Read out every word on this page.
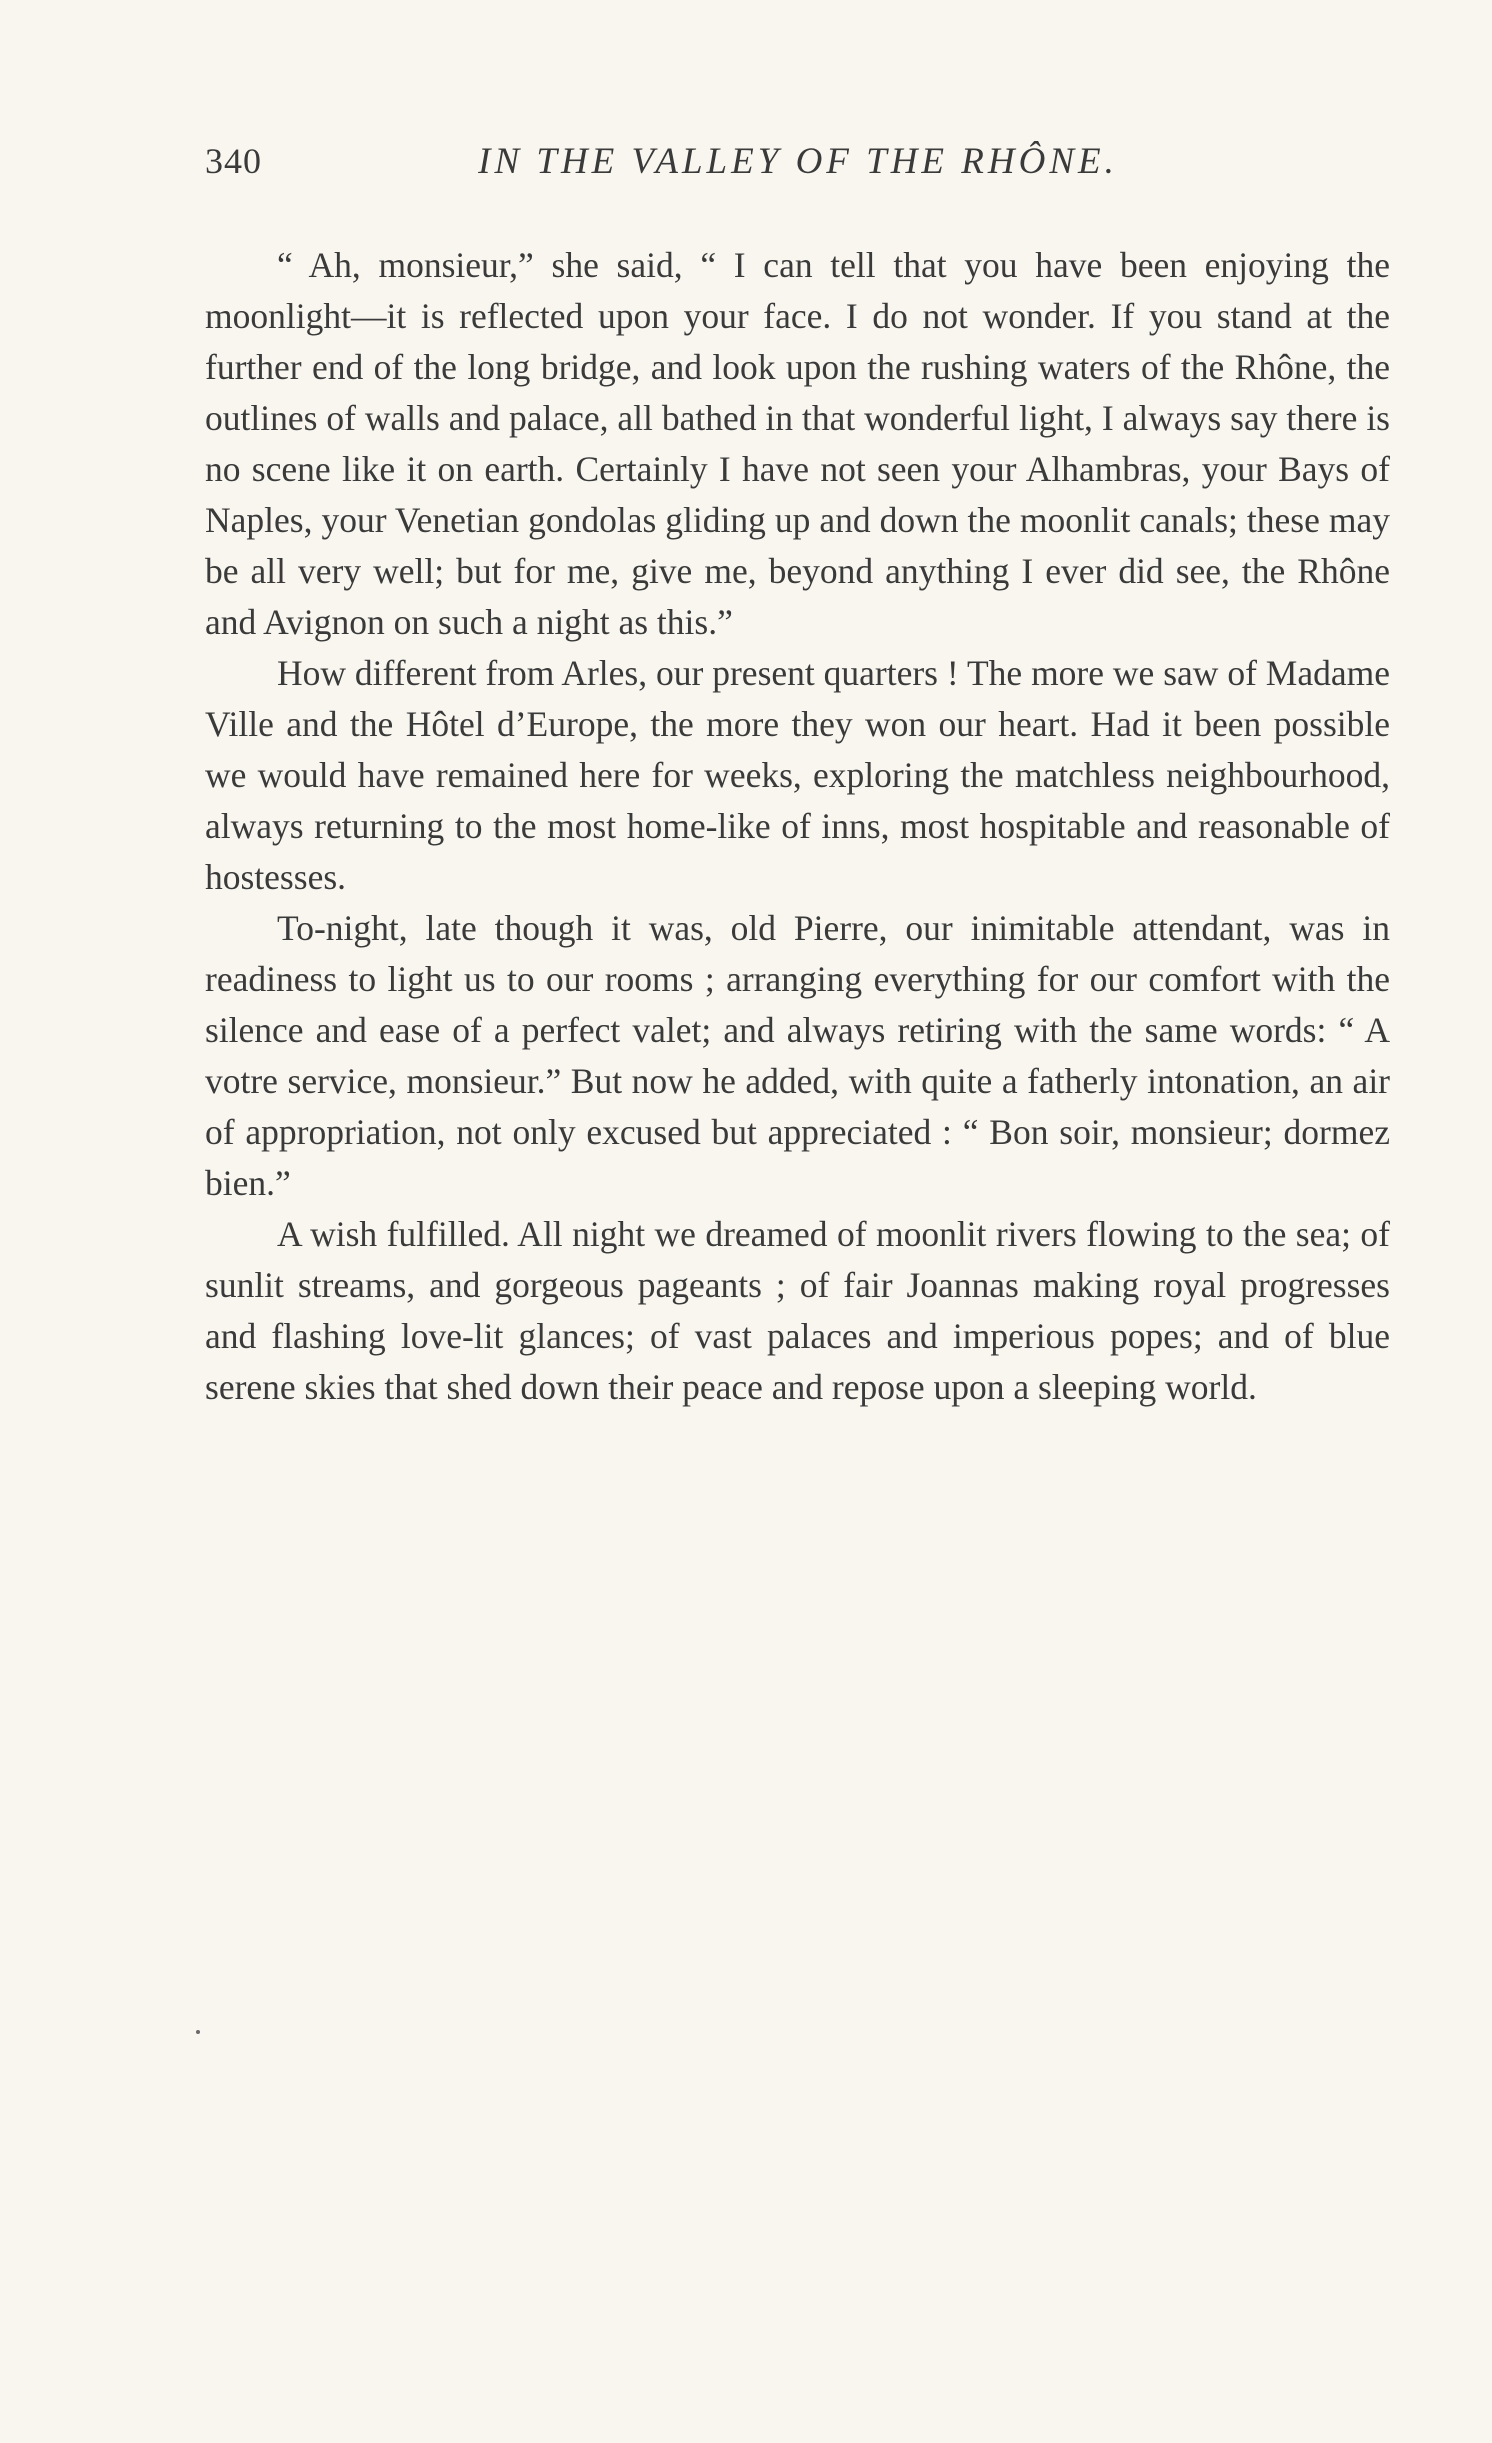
340	IN THE VALLEY OF THE RHÔNE.

“ Ah, monsieur,” she said, “ I can tell that you have been enjoying the moonlight—it is reflected upon your face. I do not wonder. If you stand at the further end of the long bridge, and look upon the rushing waters of the Rhône, the outlines of walls and palace, all bathed in that wonderful light, I always say there is no scene like it on earth. Certainly I have not seen your Alhambras, your Bays of Naples, your Venetian gondolas gliding up and down the moonlit canals; these may be all very well; but for me, give me, beyond anything I ever did see, the Rhône and Avignon on such a night as this.”

How different from Arles, our present quarters ! The more we saw of Madame Ville and the Hôtel d’Europe, the more they won our heart. Had it been possible we would have remained here for weeks, exploring the matchless neighbourhood, always returning to the most home-like of inns, most hospitable and reasonable of hostesses.

To-night, late though it was, old Pierre, our inimitable attendant, was in readiness to light us to our rooms ; arranging everything for our comfort with the silence and ease of a perfect valet; and always retiring with the same words: “ A votre service, monsieur.” But now he added, with quite a fatherly intonation, an air of appropriation, not only excused but appreciated : “ Bon soir, monsieur; dormez bien.”

A wish fulfilled. All night we dreamed of moonlit rivers flowing to the sea; of sunlit streams, and gorgeous pageants ; of fair Joannas making royal progresses and flashing love-lit glances; of vast palaces and imperious popes; and of blue serene skies that shed down their peace and repose upon a sleeping world.
